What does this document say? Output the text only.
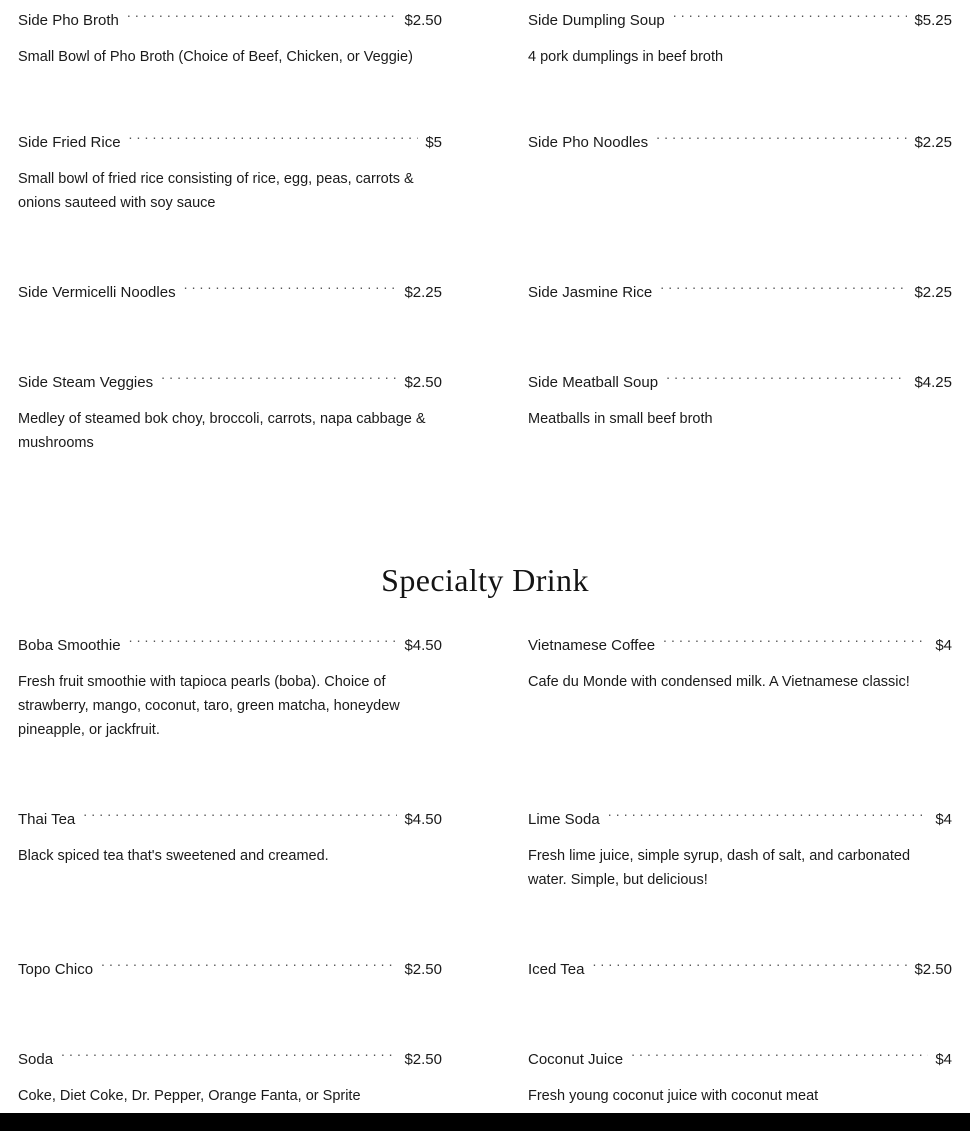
Side Pho Broth .....	$2.50
Small Bowl of Pho Broth (Choice of Beef, Chicken, or Veggie)
Side Dumpling Soup .....	$5.25
4 pork dumplings in beef broth
Side Fried Rice .....	$5
Small bowl of fried rice consisting of rice, egg, peas, carrots & onions sauteed with soy sauce
Side Pho Noodles .....	$2.25
Side Vermicelli Noodles .....	$2.25	Side Jasmine Rice .....	$2.25
Side Steam Veggies .....	$2.50
Medley of steamed bok choy, broccoli, carrots, napa cabbage & mushrooms
Side Meatball Soup .....	$4.25
Meatballs in small beef broth
Specialty Drink
Boba Smoothie .....	$4.50
Fresh fruit smoothie with tapioca pearls (boba). Choice of strawberry, mango, coconut, taro, green matcha, honeydew pineapple, or jackfruit.
Vietnamese Coffee .....	$4
Cafe du Monde with condensed milk. A Vietnamese classic!
Thai Tea .....	$4.50
Black spiced tea that's sweetened and creamed.
Lime Soda .....	$4
Fresh lime juice, simple syrup, dash of salt, and carbonated water. Simple, but delicious!
Topo Chico .....	$2.50	Iced Tea .....	$2.50
Soda .....	$2.50
Coke, Diet Coke, Dr. Pepper, Orange Fanta, or Sprite
Coconut Juice .....	$4
Fresh young coconut juice with coconut meat
